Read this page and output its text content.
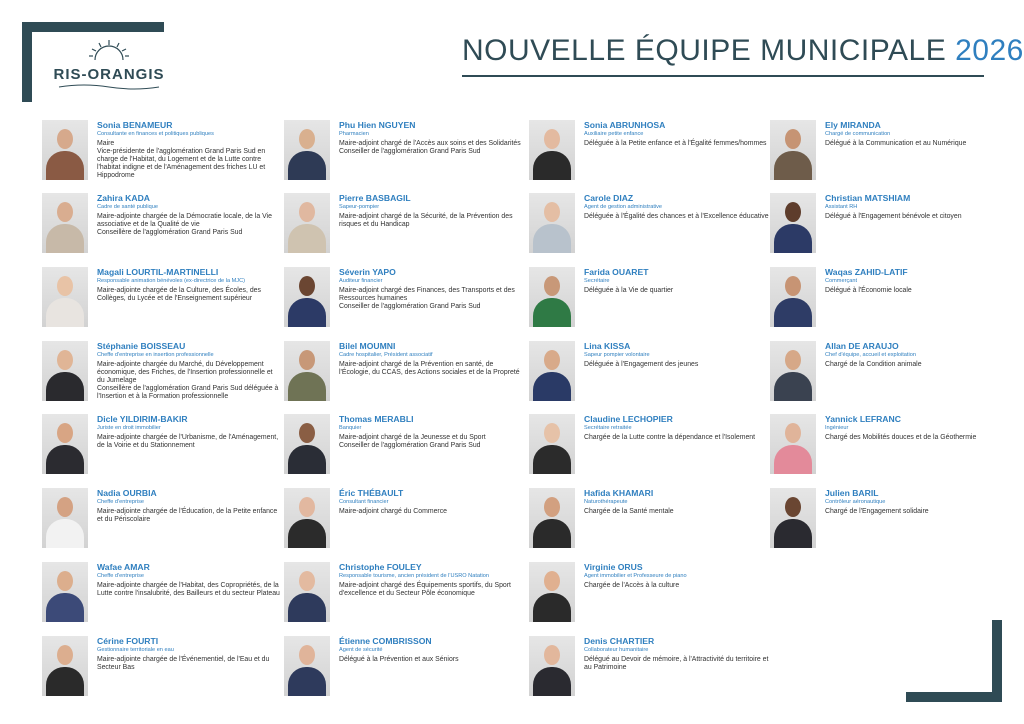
RIS-ORANGIS
NOUVELLE ÉQUIPE MUNICIPALE 2026
Sonia BENAMEUR
Consultante en finances et politiques publiques
Maire
Vice-présidente de l'agglomération Grand Paris Sud en charge de l'Habitat, du Logement et de la Lutte contre l'habitat indigne et de l'Aménagement des friches LU et Hippodrome
Zahira KADA
Cadre de santé publique
Maire-adjointe chargée de la Démocratie locale, de la Vie associative et de la Qualité de vie
Conseillère de l'agglomération Grand Paris Sud
Magali LOURTIL-MARTINELLI
Responsable animation bénévoles (ex-directrice de la MJC)
Maire-adjointe chargée de la Culture, des Écoles, des Collèges, du Lycée et de l'Enseignement supérieur
Stéphanie BOISSEAU
Cheffe d'entreprise en insertion professionnelle
Maire-adjointe chargée du Marché, du Développement économique, des Friches, de l'Insertion professionnelle et du Jumelage
Conseillère de l'agglomération Grand Paris Sud déléguée à l'Insertion et à la Formation professionnelle
Dicle YILDIRIM-BAKIR
Juriste en droit immobilier
Maire-adjointe chargée de l'Urbanisme, de l'Aménagement, de la Voirie et du Stationnement
Nadia OURBIA
Cheffe d'entreprise
Maire-adjointe chargée de l'Éducation, de la Petite enfance et du Périscolaire
Wafae AMAR
Cheffe d'entreprise
Maire-adjointe chargée de l'Habitat, des Copropriétés, de la Lutte contre l'insalubrité, des Bailleurs et du secteur Plateau
Cérine FOURTI
Gestionnaire territoriale en eau
Maire-adjointe chargée de l'Événementiel, de l'Eau et du Secteur Bas
Phu Hien NGUYEN
Pharmacien
Maire-adjoint chargé de l'Accès aux soins et des Solidarités
Conseiller de l'agglomération Grand Paris Sud
Pierre BASBAGIL
Sapeur-pompier
Maire-adjoint chargé de la Sécurité, de la Prévention des risques et du Handicap
Séverin YAPO
Auditeur financier
Maire-adjoint chargé des Finances, des Transports et des Ressources humaines
Conseiller de l'agglomération Grand Paris Sud
Bilel MOUMNI
Cadre hospitalier, Président associatif
Maire-adjoint chargé de la Prévention en santé, de l'Écologie, du CCAS, des Actions sociales et de la Propreté
Thomas MERABLI
Banquier
Maire-adjoint chargé de la Jeunesse et du Sport
Conseiller de l'agglomération Grand Paris Sud
Éric THÉBAULT
Consultant financier
Maire-adjoint chargé du Commerce
Christophe FOULEY
Responsable tourisme, ancien président de l'USRO Natation
Maire-adjoint chargé des Équipements sportifs, du Sport d'excellence et du Secteur Pôle économique
Étienne COMBRISSON
Agent de sécurité
Délégué à la Prévention et aux Séniors
Sonia ABRUNHOSA
Auxiliaire petite enfance
Déléguée à la Petite enfance et à l'Égalité femmes/hommes
Carole DIAZ
Agent de gestion administrative
Déléguée à l'Égalité des chances et à l'Excellence éducative
Farida OUARET
Secrétaire
Déléguée à la Vie de quartier
Lina KISSA
Sapeur pompier volontaire
Déléguée à l'Engagement des jeunes
Claudine LECHOPIER
Secrétaire retraitée
Chargée de la Lutte contre la dépendance et l'Isolement
Hafida KHAMARI
Naturothérapeute
Chargée de la Santé mentale
Virginie ORUS
Agent immobilier et Professeure de piano
Chargée de l'Accès à la culture
Denis CHARTIER
Collaborateur humanitaire
Délégué au Devoir de mémoire, à l'Attractivité du territoire et au Patrimoine
Ely MIRANDA
Chargé de communication
Délégué à la Communication et au Numérique
Christian MATSHIAM
Assistant RH
Délégué à l'Engagement bénévole et citoyen
Waqas ZAHID-LATIF
Commerçant
Délégué à l'Économie locale
Allan DE ARAUJO
Chef d'équipe, accueil et exploitation
Chargé de la Condition animale
Yannick LEFRANC
Ingénieur
Chargé des Mobilités douces et de la Géothermie
Julien BARIL
Contrôleur aéronautique
Chargé de l'Engagement solidaire
